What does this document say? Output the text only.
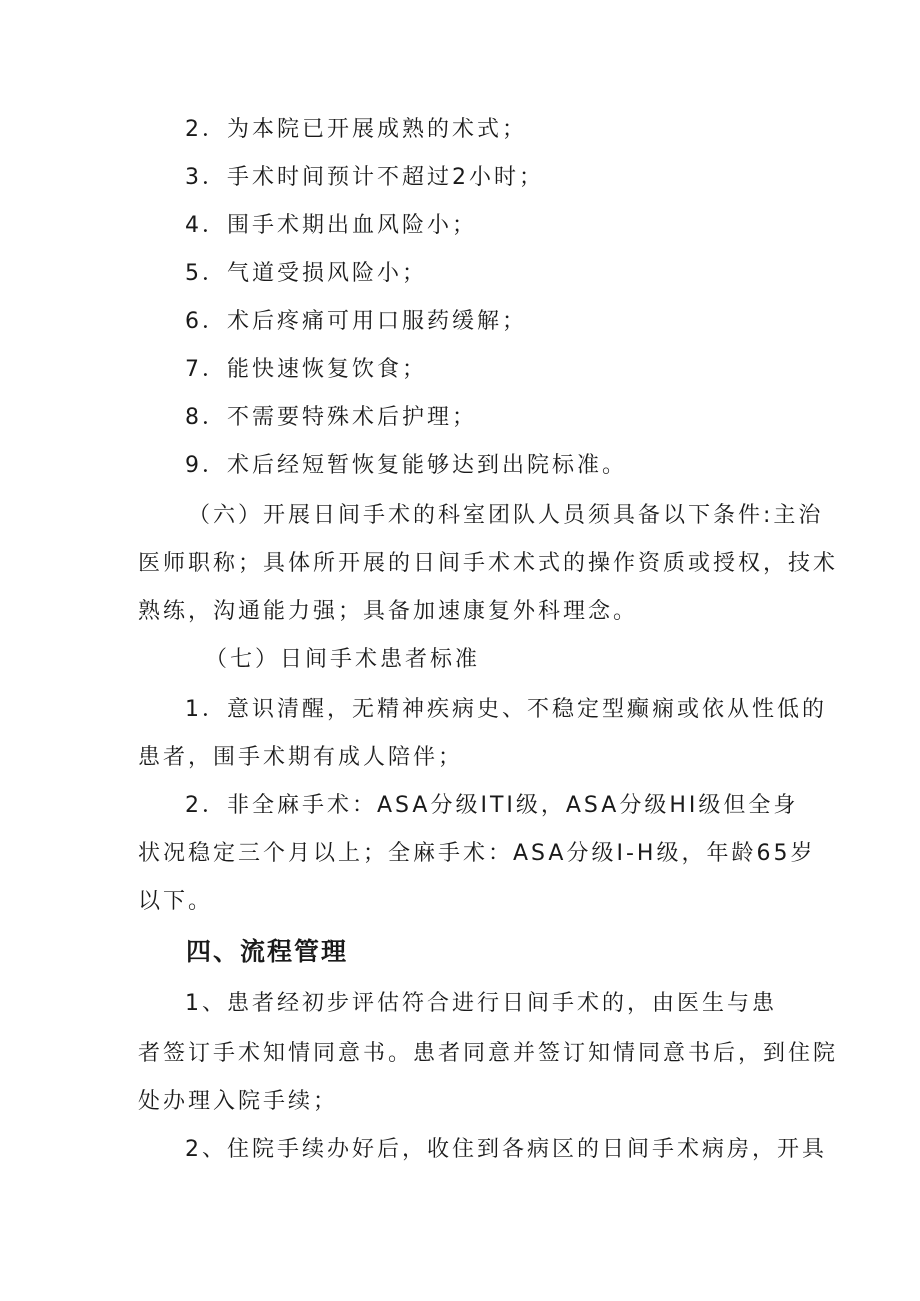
2．为本院已开展成熟的术式；
3．手术时间预计不超过2小时；
4．围手术期出血风险小；
5．气道受损风险小；
6．术后疼痛可用口服药缓解；
7．能快速恢复饮食；
8．不需要特殊术后护理；
9．术后经短暂恢复能够达到出院标准。
（六）开展日间手术的科室团队人员须具备以下条件:主治
医师职称；具体所开展的日间手术术式的操作资质或授权，技术
熟练，沟通能力强；具备加速康复外科理念。
（七）日间手术患者标准
1．意识清醒，无精神疾病史、不稳定型癫痫或依从性低的
患者，围手术期有成人陪伴；
2．非全麻手术：ASA分级ITI级，ASA分级HI级但全身
状况稳定三个月以上；全麻手术：ASA分级I-H级，年龄65岁
以下。
四、流程管理
1、患者经初步评估符合进行日间手术的，由医生与患
者签订手术知情同意书。患者同意并签订知情同意书后，到住院
处办理入院手续；
2、住院手续办好后，收住到各病区的日间手术病房，开具
